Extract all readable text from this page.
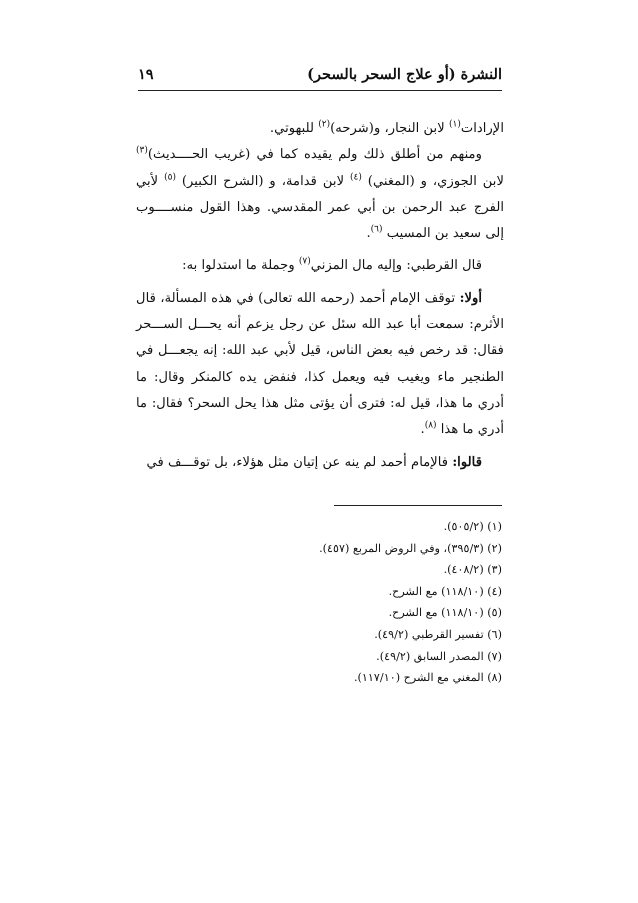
النشرة (أو علاج السحر بالسحر)
١٩

الإرادات$^{(١)}$ لابن النجار، و(شرحه)$^{(٢)}$ للبهوتي.

ومنهم من أطلق ذلك ولم يقيده كما في (غريب الحــــديث)$^{(٣)}$ لابن الجوزي، و (المغني) $^{(٤)}$ لابن قدامة، و (الشرح الكبير) $^{(٥)}$ لأبي الفرج عبد الرحمن بن أبي عمر المقدسي. وهذا القول منســــوب إلى سعيد بن المسيب $^{(٦)}$.

قال القرطبي: وإليه مال المزني$^{(٧)}$ وجملة ما استدلوا به:

أولا: توقف الإمام أحمد (رحمه الله تعالى) في هذه المسألة، قال الأثرم: سمعت أبا عبد الله سئل عن رجل يزعم أنه يحـــل الســـحر فقال: قد رخص فيه بعض الناس، قيل لأبي عبد الله: إنه يجعـــل في الطنجير ماء ويغيب فيه ويعمل كذا، فنفض يده كالمنكر وقال: ما أدري ما هذا، قيل له: فترى أن يؤتى مثل هذا يحل السحر؟ فقال: ما أدري ما هذا $^{(٨)}$.

قالوا: فالإمام أحمد لم ينه عن إتيان مثل هؤلاء، بل توقـــف في

(١) (٥٠٥/٢).
(٢) (٣٩٥/٣)، وفي الروض المربع (٤٥٧).
(٣) (٤٠٨/٢).
(٤) (١١٨/١٠) مع الشرح.
(٥) (١١٨/١٠) مع الشرح.
(٦) تفسير القرطبي (٤٩/٢).
(٧) المصدر السابق (٤٩/٢).
(٨) المغني مع الشرح (١١٧/١٠).
